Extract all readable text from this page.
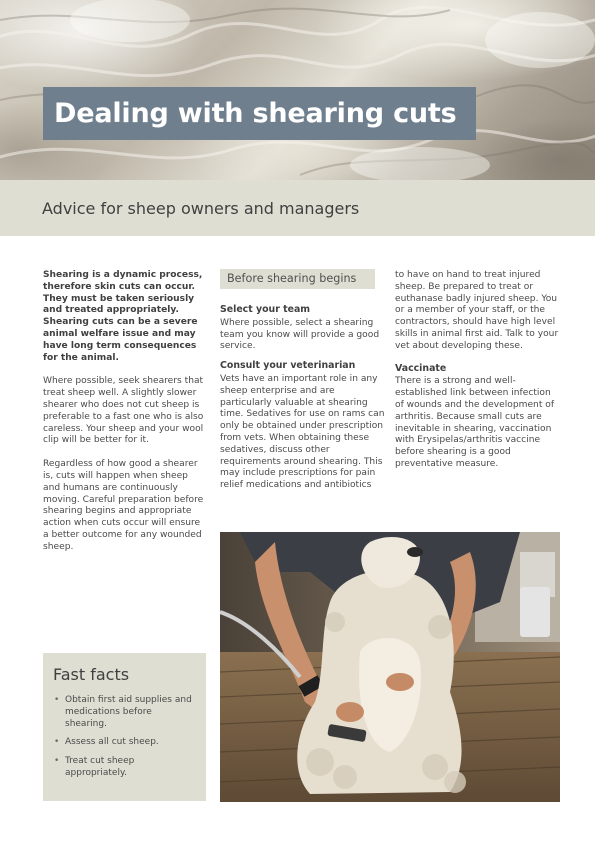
Dealing with shearing cuts
Advice for sheep owners and managers

Shearing is a dynamic process, therefore skin cuts can occur. They must be taken seriously and treated appropriately. Shearing cuts can be a severe animal welfare issue and may have long term consequences for the animal.

Where possible, seek shearers that treat sheep well. A slightly slower shearer who does not cut sheep is preferable to a fast one who is also careless. Your sheep and your wool clip will be better for it.

Regardless of how good a shearer is, cuts will happen when sheep and humans are continuously moving. Careful preparation before shearing begins and appropriate action when cuts occur will ensure a better outcome for any wounded sheep.

Before shearing begins
Select your team

Where possible, select a shearing team you know will provide a good service.

Consult your veterinarian

Vets have an important role in any sheep enterprise and are particularly valuable at shearing time. Sedatives for use on rams can only be obtained under prescription from vets. When obtaining these sedatives, discuss other requirements around shearing. This may include prescriptions for pain relief medications and antibiotics

to have on hand to treat injured sheep. Be prepared to treat or euthanase badly injured sheep. You or a member of your staff, or the contractors, should have high level skills in animal first aid. Talk to your vet about developing these.

Vaccinate

There is a strong and well-established link between infection of wounds and the development of arthritis. Because small cuts are inevitable in shearing, vaccination with Erysipelas/arthritis vaccine before shearing is a good preventative measure.

Fast facts
• Obtain first aid supplies and medications before shearing.
• Assess all cut sheep.
• Treat cut sheep appropriately.
